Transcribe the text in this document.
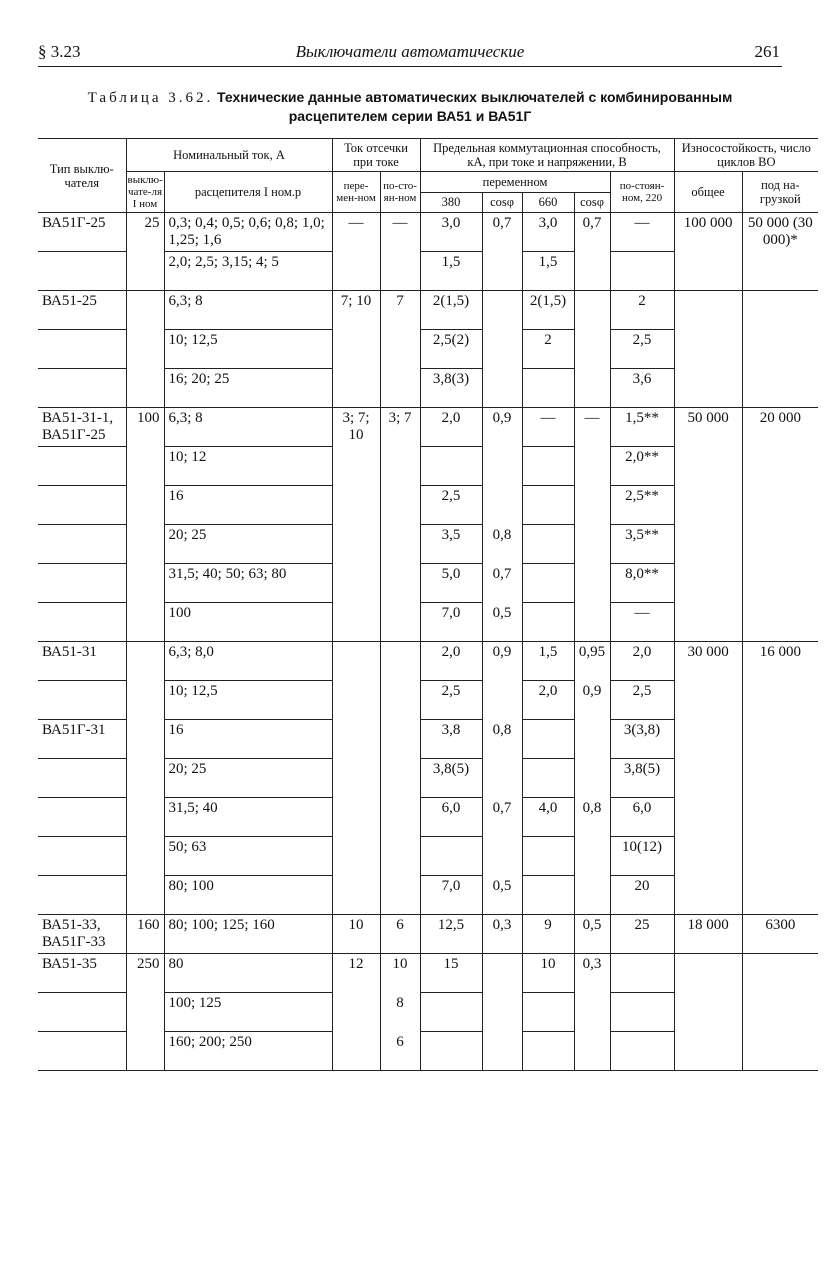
§ 3.23	Выключатели автоматические	261
Таблица 3.62. Технические данные автоматических выключателей с комбинированным расцепителем серии ВА51 и ВА51Г
Тип выклю-чателя	Номинальный ток, А		Ток отсечки при токе		Предельная коммутационная способность, кА, при токе и напряжении, В					Износостойкость, число циклов ВО	
	выклю-чате-ля I ном	расцепителя I ном.р	пере-мен-ном	по-сто-ян-ном	переменном				по-стоян-ном, 220	общее	под на-грузкой
					380	cosφ	660	cosφ			
ВА51Г-25	25	0,3; 0,4; 0,5; 0,6; 0,8; 1,0; 1,25; 1,6	—	—	3,0	0,7	3,0	0,7	—	100 000	50 000 (30 000)*
		2,0; 2,5; 3,15; 4; 5			1,5		1,5				
ВА51-25		6,3; 8	7; 10	7	2(1,5)		2(1,5)		2		
		10; 12,5			2,5(2)		2		2,5		
		16; 20; 25			3,8(3)				3,6		
ВА51-31-1, ВА51Г-25	100	6,3; 8	3; 7; 10	3; 7	2,0	0,9	—	—	1,5**	50 000	20 000
		10; 12							2,0**		
		16			2,5				2,5**		
		20; 25			3,5	0,8			3,5**		
		31,5; 40; 50; 63; 80			5,0	0,7			8,0**		
		100			7,0	0,5			—		
ВА51-31		6,3; 8,0			2,0	0,9	1,5	0,95	2,0	30 000	16 000
		10; 12,5			2,5		2,0	0,9	2,5		
ВА51Г-31		16			3,8	0,8			3(3,8)		
		20; 25			3,8(5)				3,8(5)		
		31,5; 40			6,0	0,7	4,0	0,8	6,0		
		50; 63							10(12)		
		80; 100			7,0	0,5			20		
ВА51-33, ВА51Г-33	160	80; 100; 125; 160	10	6	12,5	0,3	9	0,5	25	18 000	6300
ВА51-35	250	80	12	10	15		10	0,3			
		100; 125		8							
		160; 200; 250		6							
